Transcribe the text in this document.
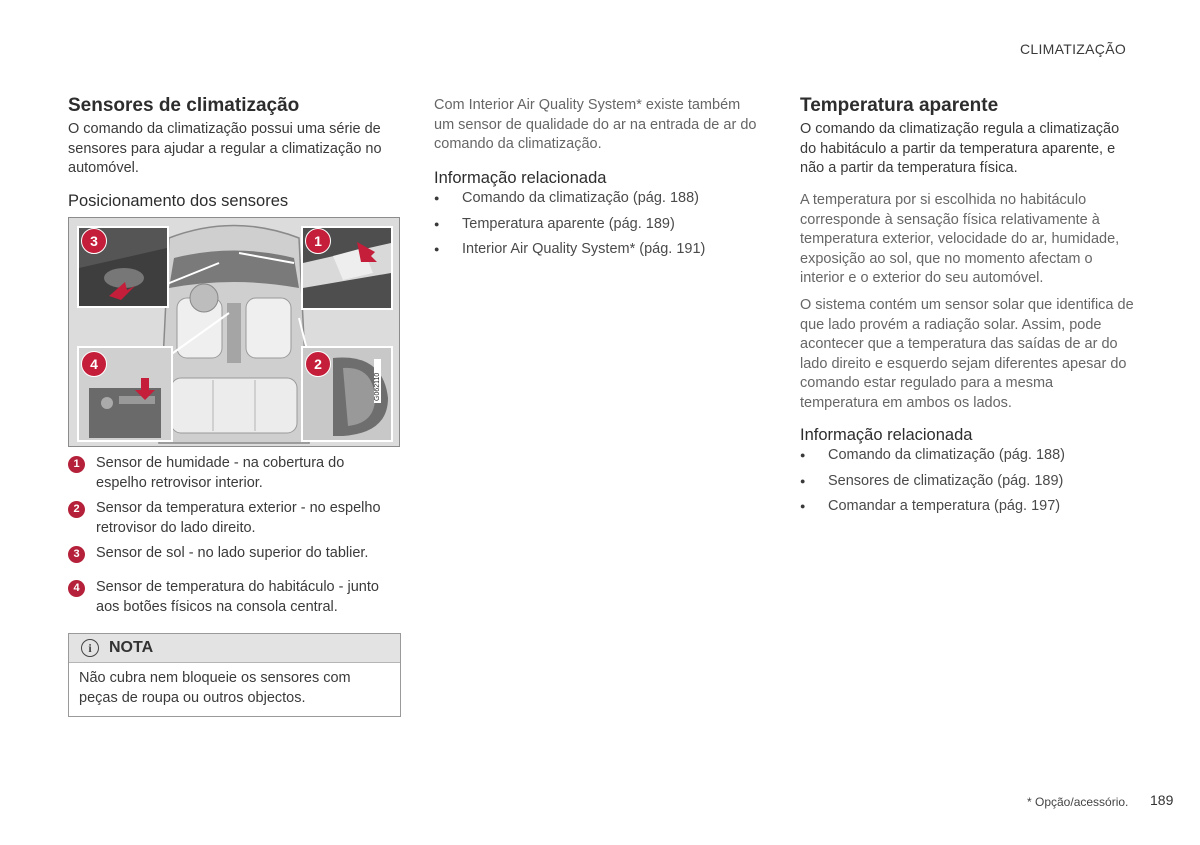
CLIMATIZAÇÃO
Sensores de climatização

O comando da climatização possui uma série de sensores para ajudar a regular a climatização no automóvel.

Posicionamento dos sensores
3	1
4	2
G062110
1	Sensor de humidade - na cobertura do espelho retrovisor interior.
2	Sensor da temperatura exterior - no espelho retrovisor do lado direito.
3	Sensor de sol - no lado superior do tablier.
4	Sensor de temperatura do habitáculo - junto aos botões físicos na consola central.
i	NOTA
Não cubra nem bloqueie os sensores com peças de roupa ou outros objectos.

Com Interior Air Quality System* existe também um sensor de qualidade do ar na entrada de ar do comando da climatização.

Informação relacionada
● Comando da climatização (pág. 188)
● Temperatura aparente (pág. 189)
● Interior Air Quality System* (pág. 191)
Temperatura aparente

O comando da climatização regula a climatização do habitáculo a partir da temperatura aparente, e não a partir da temperatura física.

A temperatura por si escolhida no habitáculo corresponde à sensação física relativamente à temperatura exterior, velocidade do ar, humidade, exposição ao sol, que no momento afectam o interior e o exterior do seu automóvel.

O sistema contém um sensor solar que identifica de que lado provém a radiação solar. Assim, pode acontecer que a temperatura das saídas de ar do lado direito e esquerdo sejam diferentes apesar do comando estar regulado para a mesma temperatura em ambos os lados.

Informação relacionada
● Comando da climatização (pág. 188)
● Sensores de climatização (pág. 189)
● Comandar a temperatura (pág. 197)
* Opção/acessório. 189
